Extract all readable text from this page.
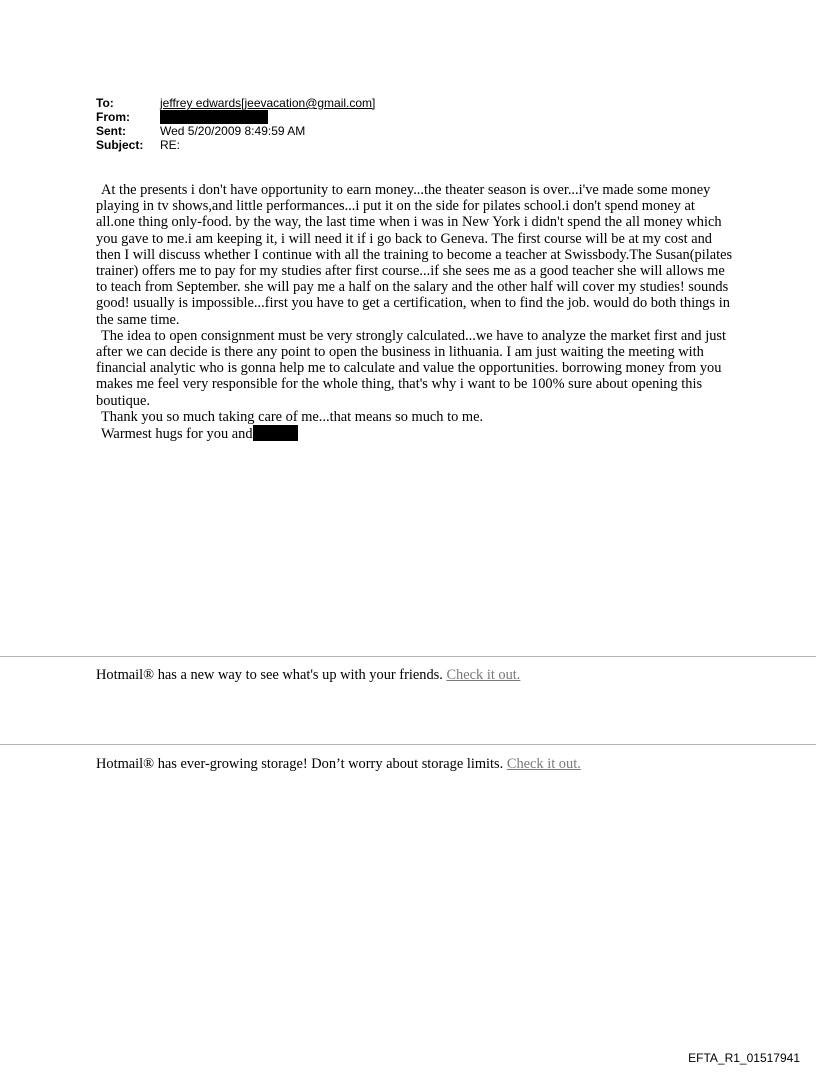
To:	jeffrey edwards[jeevacation@gmail.com]
From:
Sent:	Wed 5/20/2009 8:49:59 AM
Subject:	RE:

At the presents i don't have opportunity to earn money...the theater season is over...i've made some money playing in tv shows,and little performances...i put it on the side for pilates school.i don't spend money at all.one thing only-food. by the way, the last time when i was in New York i didn't spend the all money which you gave to me.i am keeping it, i will need it if i go back to Geneva. The first course will be at my cost and then I will discuss whether I continue with all the training to become a teacher at Swissbody.The Susan(pilates trainer) offers me to pay for my studies after first course...if she sees me as a good teacher she will allows me to teach from September. she will pay me a half on the salary and the other half will cover my studies! sounds good! usually is impossible...first you have to get a certification, when to find the job. would do both things in the same time.

The idea to open consignment must be very strongly calculated...we have to analyze the market first and just after we can decide is there any point to open the business in lithuania. I am just waiting the meeting with financial analytic who is gonna help me to calculate and value the opportunities. borrowing money from you makes me feel very responsible for the whole thing, that's why i want to be 100% sure about opening this boutique.

Thank you so much taking care of me...that means so much to me.

Warmest hugs for you and

Hotmail® has a new way to see what's up with your friends. Check it out.
Hotmail® has ever-growing storage! Don’t worry about storage limits. Check it out.
EFTA_R1_01517941
